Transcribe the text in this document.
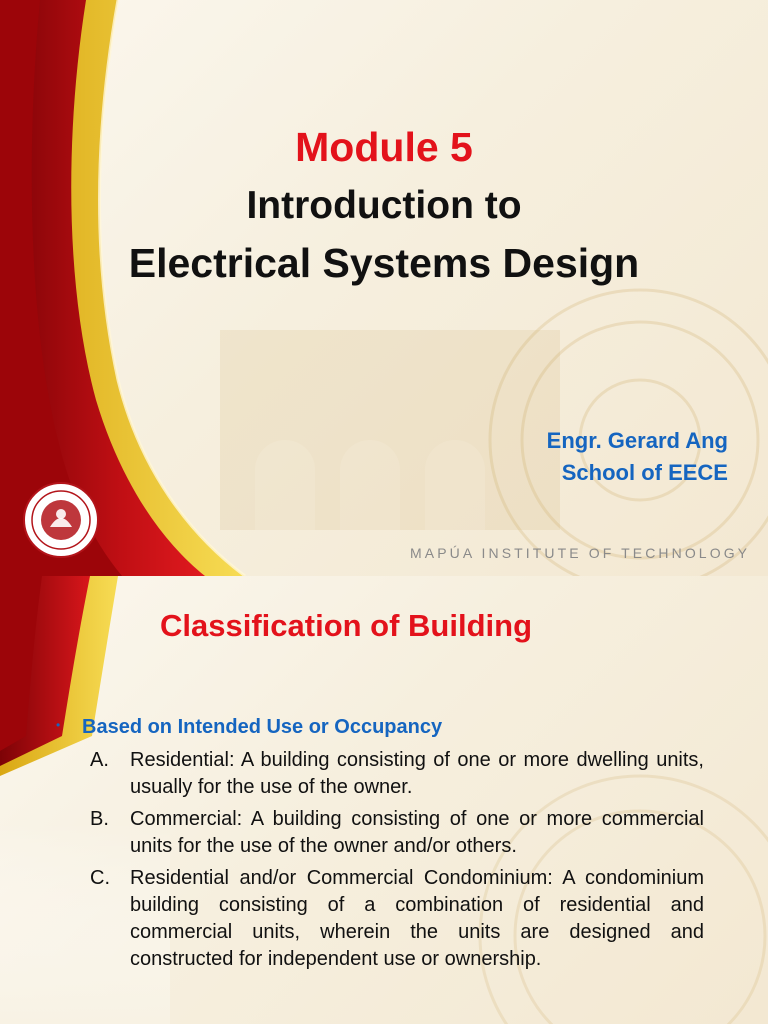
Module 5
Introduction to
Electrical Systems Design
Engr. Gerard Ang
School of EECE
MAPÚA INSTITUTE OF TECHNOLOGY
Classification of Building
• Based on Intended Use or Occupancy
A. Residential: A building consisting of one or more dwelling units, usually for the use of the owner.
B. Commercial: A building consisting of one or more commercial units for the use of the owner and/or others.
C. Residential and/or Commercial Condominium: A condominium building consisting of a combination of residential and commercial units, wherein the units are designed and constructed for independent use or ownership.
